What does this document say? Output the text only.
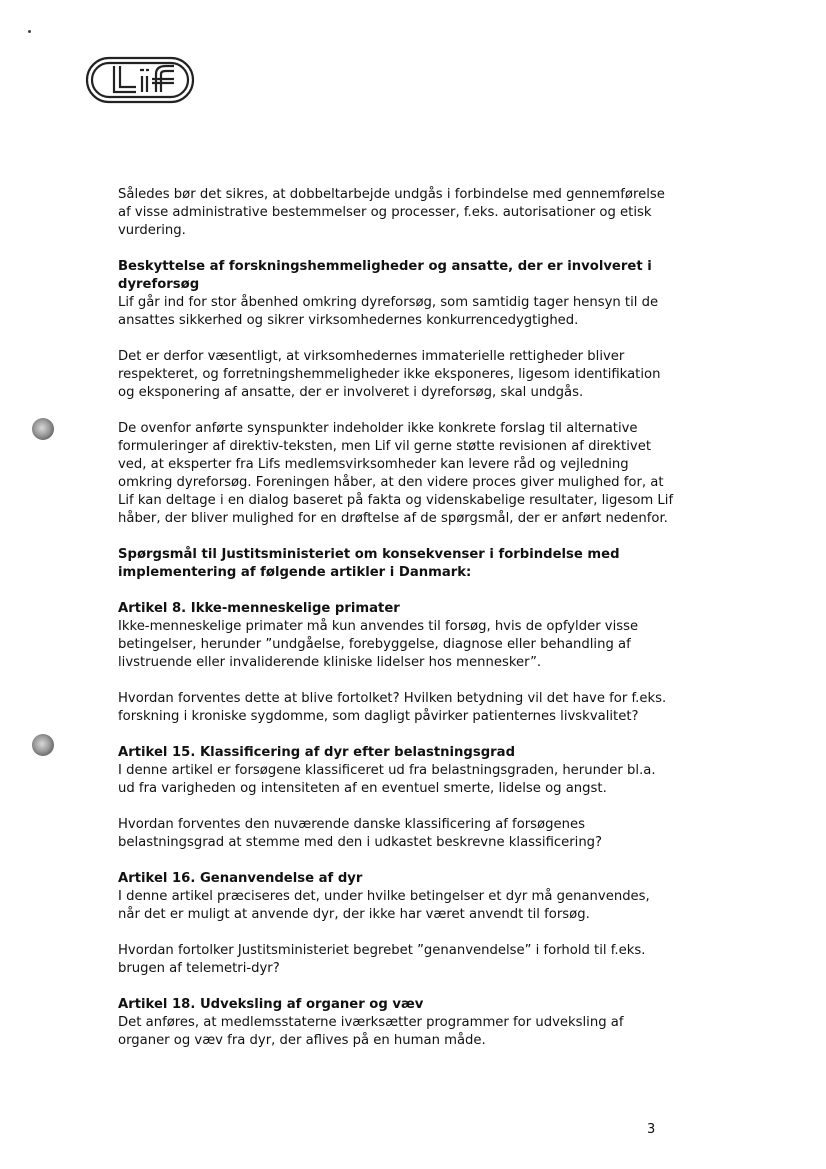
Således bør det sikres, at dobbeltarbejde undgås i forbindelse med gennemførelse af visse administrative bestemmelser og processer, f.eks. autorisationer og etisk vurdering.

Beskyttelse af forskningshemmeligheder og ansatte, der er involveret i dyreforsøg

Lif går ind for stor åbenhed omkring dyreforsøg, som samtidig tager hensyn til de ansattes sikkerhed og sikrer virksomhedernes konkurrencedygtighed.

Det er derfor væsentligt, at virksomhedernes immaterielle rettigheder bliver respekteret, og forretningshemmeligheder ikke eksponeres, ligesom identifikation og eksponering af ansatte, der er involveret i dyreforsøg, skal undgås.

De ovenfor anførte synspunkter indeholder ikke konkrete forslag til alternative formuleringer af direktiv-teksten, men Lif vil gerne støtte revisionen af direktivet ved, at eksperter fra Lifs medlemsvirksomheder kan levere råd og vejledning omkring dyreforsøg. Foreningen håber, at den videre proces giver mulighed for, at Lif kan deltage i en dialog baseret på fakta og videnskabelige resultater, ligesom Lif håber, der bliver mulighed for en drøftelse af de spørgsmål, der er anført nedenfor.

Spørgsmål til Justitsministeriet om konsekvenser i forbindelse med implementering af følgende artikler i Danmark:

Artikel 8. Ikke-menneskelige primater

Ikke-menneskelige primater må kun anvendes til forsøg, hvis de opfylder visse betingelser, herunder ”undgåelse, forebyggelse, diagnose eller behandling af livstruende eller invaliderende kliniske lidelser hos mennesker”.

Hvordan forventes dette at blive fortolket? Hvilken betydning vil det have for f.eks. forskning i kroniske sygdomme, som dagligt påvirker patienternes livskvalitet?

Artikel 15. Klassificering af dyr efter belastningsgrad

I denne artikel er forsøgene klassificeret ud fra belastningsgraden, herunder bl.a. ud fra varigheden og intensiteten af en eventuel smerte, lidelse og angst.

Hvordan forventes den nuværende danske klassificering af forsøgenes belastningsgrad at stemme med den i udkastet beskrevne klassificering?

Artikel 16. Genanvendelse af dyr

I denne artikel præciseres det, under hvilke betingelser et dyr må genanvendes, når det er muligt at anvende dyr, der ikke har været anvendt til forsøg.

Hvordan fortolker Justitsministeriet begrebet ”genanvendelse” i forhold til f.eks. brugen af telemetri-dyr?

Artikel 18. Udveksling af organer og væv

Det anføres, at medlemsstaterne iværksætter programmer for udveksling af organer og væv fra dyr, der aflives på en human måde.

3
